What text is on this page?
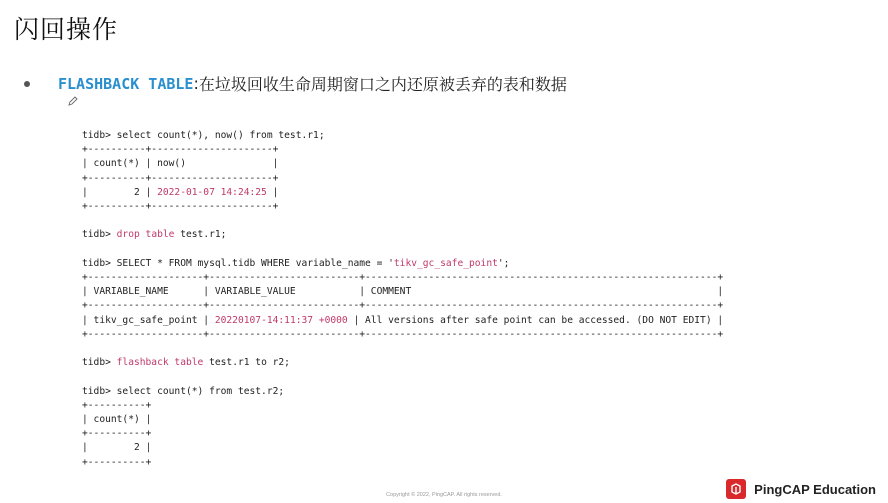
闪回操作
FLASHBACK TABLE : 在垃圾回收生命周期窗口之内还原被丢弃的表和数据
tidb> select count(*), now() from test.r1;
+----------+---------------------+
| count(*) | now()               |
+----------+---------------------+
|        2 | 2022-01-07 14:24:25 |
+----------+---------------------+
tidb> drop table test.r1;
tidb> SELECT * FROM mysql.tidb WHERE variable_name = 'tikv_gc_safe_point';
+--------------------+--------------------------+-------------------------------------------------------------+
| VARIABLE_NAME      | VARIABLE_VALUE           | COMMENT                                                     |
+--------------------+--------------------------+-------------------------------------------------------------+
| tikv_gc_safe_point | 20220107-14:11:37 +0000 | All versions after safe point can be accessed. (DO NOT EDIT) |
+--------------------+--------------------------+-------------------------------------------------------------+
tidb> flashback table test.r1 to r2;
tidb> select count(*) from test.r2;
+----------+
| count(*) |
+----------+
|        2 |
+----------+
Copyright © 2022, PingCAP. All rights reserved.	PingCAP Education
